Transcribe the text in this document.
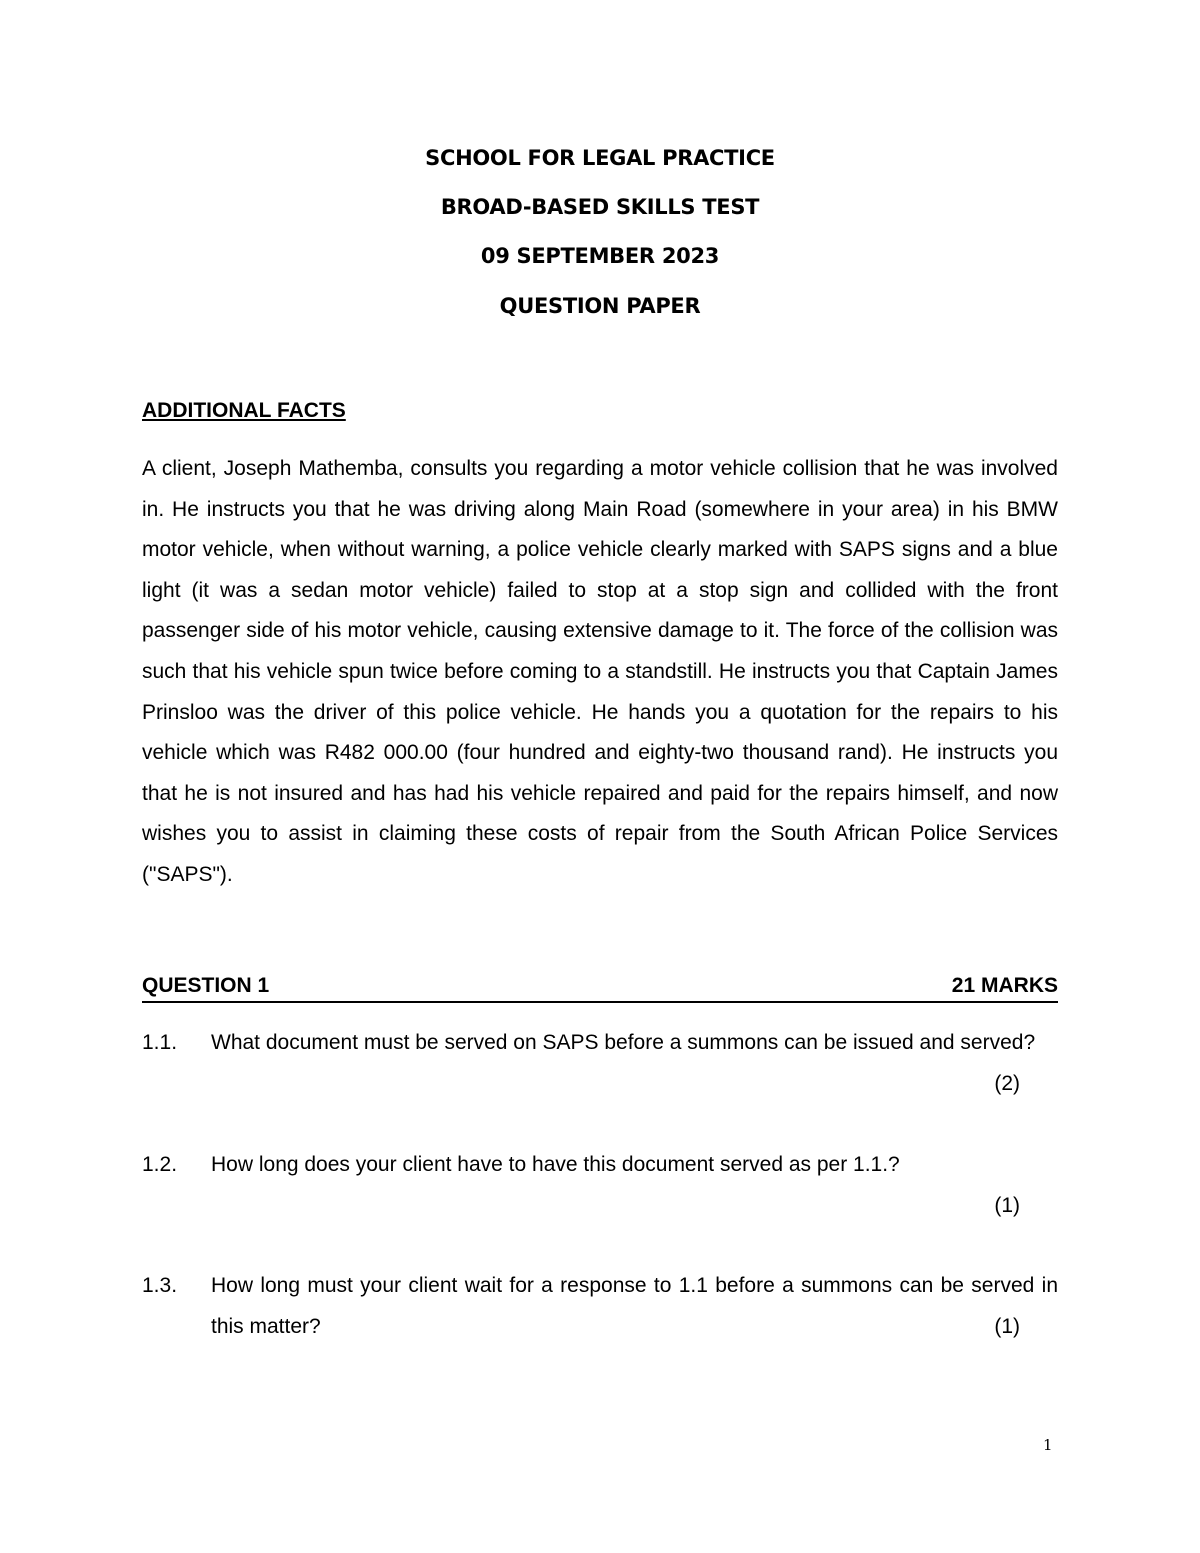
SCHOOL FOR LEGAL PRACTICE
BROAD-BASED SKILLS TEST
09 SEPTEMBER 2023
QUESTION PAPER
ADDITIONAL FACTS

A client, Joseph Mathemba, consults you regarding a motor vehicle collision that he was involved in. He instructs you that he was driving along Main Road (somewhere in your area) in his BMW motor vehicle, when without warning, a police vehicle clearly marked with SAPS signs and a blue light (it was a sedan motor vehicle) failed to stop at a stop sign and collided with the front passenger side of his motor vehicle, causing extensive damage to it. The force of the collision was such that his vehicle spun twice before coming to a standstill. He instructs you that Captain James Prinsloo was the driver of this police vehicle. He hands you a quotation for the repairs to his vehicle which was R482 000.00 (four hundred and eighty-two thousand rand). He instructs you that he is not insured and has had his vehicle repaired and paid for the repairs himself, and now wishes you to assist in claiming these costs of repair from the South African Police Services ("SAPS").

QUESTION 1	21 MARKS
1.1. What document must be served on SAPS before a summons can be issued and served?
(2)
1.2. How long does your client have to have this document served as per 1.1.?
(1)
1.3. How long must your client wait for a response to 1.1 before a summons can be served in this matter?	(1)
1
